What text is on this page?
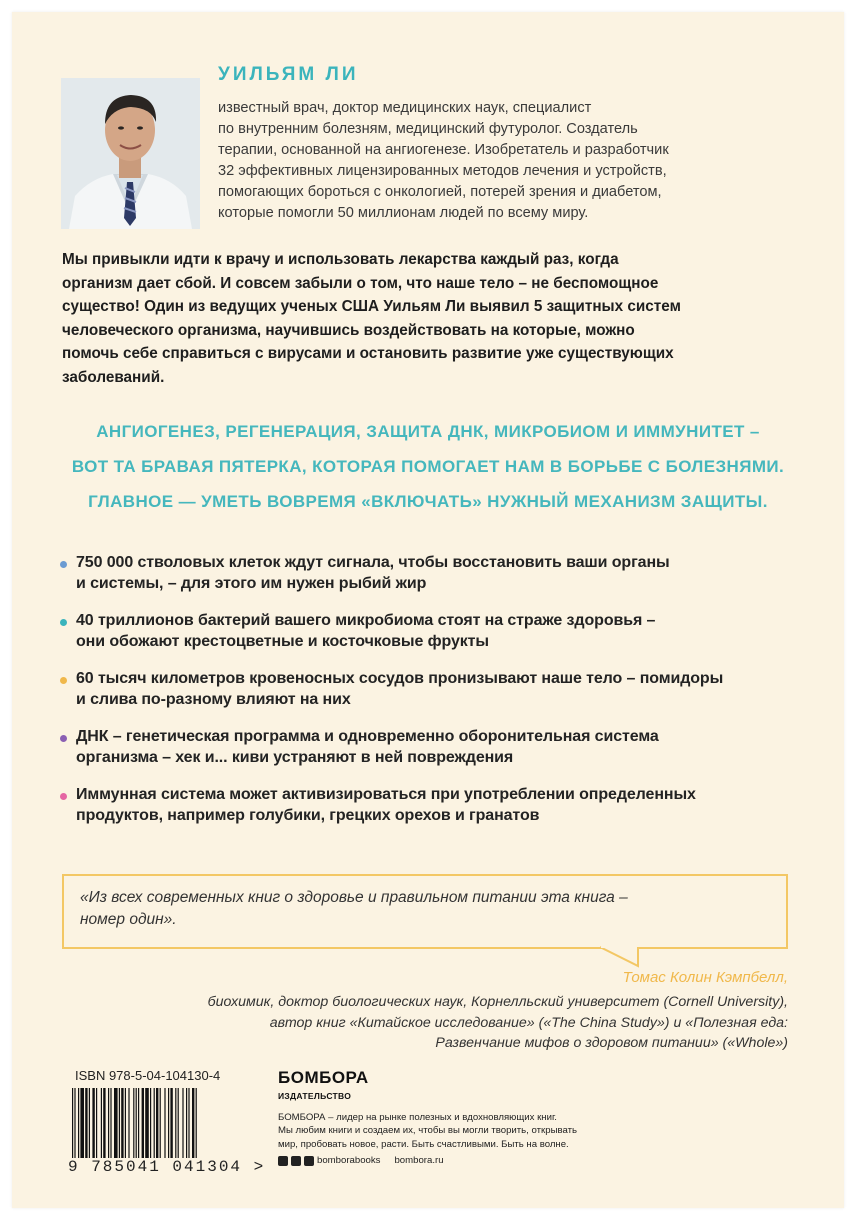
УИЛЬЯМ ЛИ
известный врач, доктор медицинских наук, специалист
по внутренним болезням, медицинский футуролог. Создатель
терапии, основанной на ангиогенезе. Изобретатель и разработчик
32 эффективных лицензированных методов лечения и устройств,
помогающих бороться с онкологией, потерей зрения и диабетом,
которые помогли 50 миллионам людей по всему миру.
Мы привыкли идти к врачу и использовать лекарства каждый раз, когда
организм дает сбой. И совсем забыли о том, что наше тело – не беспомощное
существо! Один из ведущих ученых США Уильям Ли выявил 5 защитных систем
человеческого организма, научившись воздействовать на которые, можно
помочь себе справиться с вирусами и остановить развитие уже существующих
заболеваний.
АНГИОГЕНЕЗ, РЕГЕНЕРАЦИЯ, ЗАЩИТА ДНК, МИКРОБИОМ И ИММУНИТЕТ –
ВОТ ТА БРАВАЯ ПЯТЕРКА, КОТОРАЯ ПОМОГАЕТ НАМ В БОРЬБЕ С БОЛЕЗНЯМИ.
ГЛАВНОЕ — УМЕТЬ ВОВРЕМЯ «ВКЛЮЧАТЬ» НУЖНЫЙ МЕХАНИЗМ ЗАЩИТЫ.
750 000 стволовых клеток ждут сигнала, чтобы восстановить ваши органы
и системы, – для этого им нужен рыбий жир
40 триллионов бактерий вашего микробиома стоят на страже здоровья –
они обожают крестоцветные и косточковые фрукты
60 тысяч километров кровеносных сосудов пронизывают наше тело – помидоры
и слива по-разному влияют на них
ДНК – генетическая программа и одновременно оборонительная система
организма – хек и... киви устраняют в ней повреждения
Иммунная система может активизироваться при употреблении определенных
продуктов, например голубики, грецких орехов и гранатов
«Из всех современных книг о здоровье и правильном питании эта книга –
номер один».
Томас Колин Кэмпбелл,
биохимик, доктор биологических наук, Корнелльский университет (Cornell University),
автор книг «Китайское исследование» («The China Study») и «Полезная еда:
Развенчание мифов о здоровом питании» («Whole»)
ISBN 978-5-04-104130-4
9 785041 041304 >
БОМБОРА
ИЗДАТЕЛЬСТВО
БОМБОРА – лидер на рынке полезных и вдохновляющих книг.
Мы любим книги и создаем их, чтобы вы могли творить, открывать
мир, пробовать новое, расти. Быть счастливыми. Быть на волне.
bomborabooks bombora.ru
